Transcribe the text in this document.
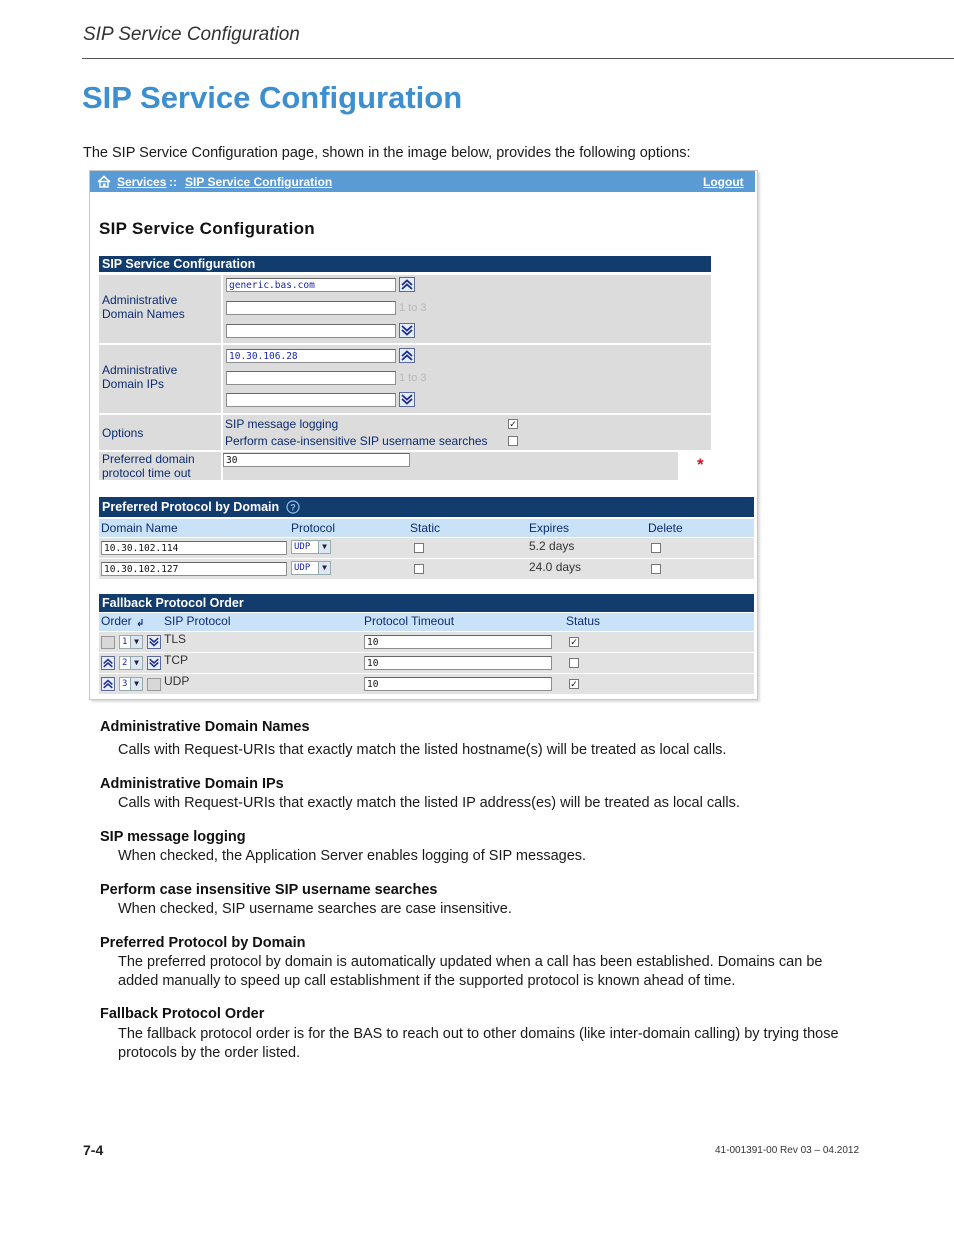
SIP Service Configuration
SIP Service Configuration
The SIP Service Configuration page, shown in the image below, provides the following options:
Services :: SIP Service Configuration	Logout
SIP Service Configuration
SIP Service Configuration
Administrative Domain Names
generic.bas.com
1 to 3
Administrative Domain IPs
10.30.106.28
1 to 3
Options
SIP message logging	✓
Perform case-insensitive SIP username searches
Preferred domain protocol time out
30	*
Preferred Protocol by Domain ?
Domain Name	Protocol	Static	Expires	Delete
10.30.102.114	UDP	▼	5.2 days
10.30.102.127	UDP	▼	24.0 days
Fallback Protocol Order
Order	SIP Protocol	Protocol Timeout	Status
1 ▼ TLS	10	✓
2 ▼ TCP	10
3 ▼ UDP	10	✓
Administrative Domain Names
Calls with Request-URIs that exactly match the listed hostname(s) will be treated as local calls.
Administrative Domain IPs
Calls with Request-URIs that exactly match the listed IP address(es) will be treated as local calls.
SIP message logging
When checked, the Application Server enables logging of SIP messages.
Perform case insensitive SIP username searches
When checked, SIP username searches are case insensitive.
Preferred Protocol by Domain
The preferred protocol by domain is automatically updated when a call has been established. Domains can be added manually to speed up call establishment if the supported protocol is known ahead of time.
Fallback Protocol Order
The fallback protocol order is for the BAS to reach out to other domains (like inter-domain calling) by trying those protocols by the order listed.
7-4	41-001391-00 Rev 03 – 04.2012
